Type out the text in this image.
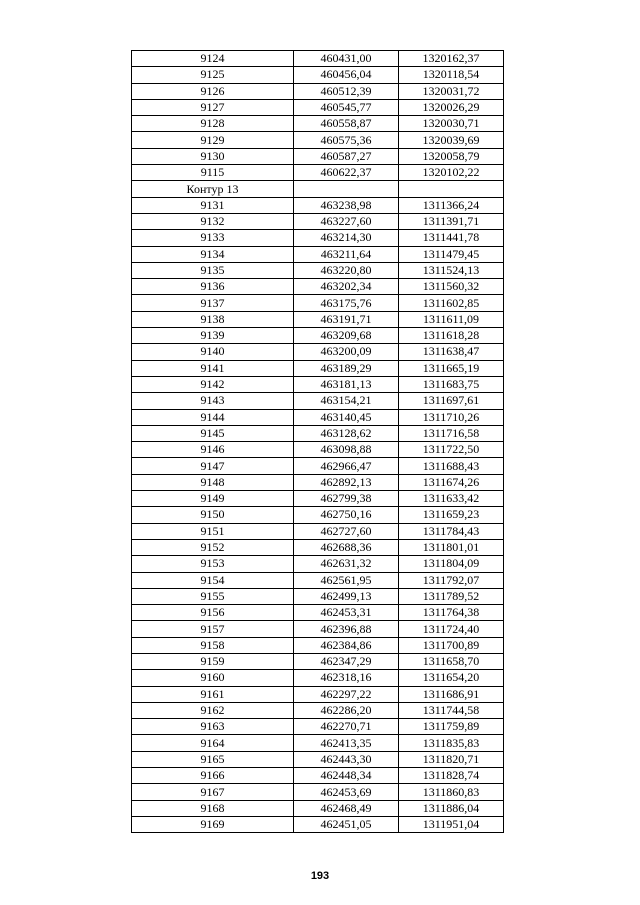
9124	460431,00	1320162,37
9125	460456,04	1320118,54
9126	460512,39	1320031,72
9127	460545,77	1320026,29
9128	460558,87	1320030,71
9129	460575,36	1320039,69
9130	460587,27	1320058,79
9115	460622,37	1320102,22
Контур 13		
9131	463238,98	1311366,24
9132	463227,60	1311391,71
9133	463214,30	1311441,78
9134	463211,64	1311479,45
9135	463220,80	1311524,13
9136	463202,34	1311560,32
9137	463175,76	1311602,85
9138	463191,71	1311611,09
9139	463209,68	1311618,28
9140	463200,09	1311638,47
9141	463189,29	1311665,19
9142	463181,13	1311683,75
9143	463154,21	1311697,61
9144	463140,45	1311710,26
9145	463128,62	1311716,58
9146	463098,88	1311722,50
9147	462966,47	1311688,43
9148	462892,13	1311674,26
9149	462799,38	1311633,42
9150	462750,16	1311659,23
9151	462727,60	1311784,43
9152	462688,36	1311801,01
9153	462631,32	1311804,09
9154	462561,95	1311792,07
9155	462499,13	1311789,52
9156	462453,31	1311764,38
9157	462396,88	1311724,40
9158	462384,86	1311700,89
9159	462347,29	1311658,70
9160	462318,16	1311654,20
9161	462297,22	1311686,91
9162	462286,20	1311744,58
9163	462270,71	1311759,89
9164	462413,35	1311835,83
9165	462443,30	1311820,71
9166	462448,34	1311828,74
9167	462453,69	1311860,83
9168	462468,49	1311886,04
9169	462451,05	1311951,04
193
